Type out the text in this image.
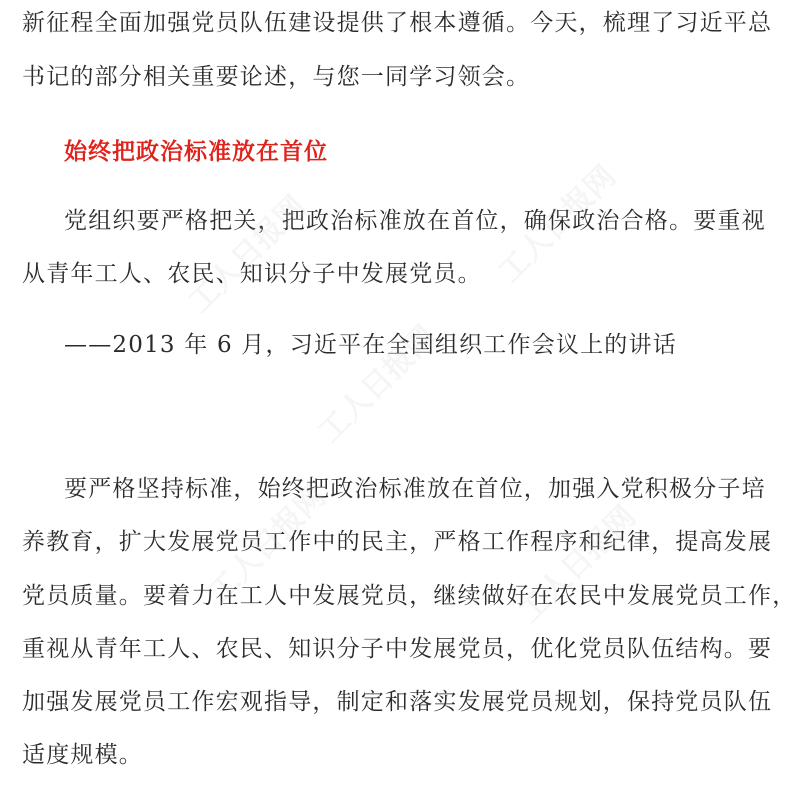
新征程全面加强党员队伍建设提供了根本遵循。今天，梳理了习近平总

书记的部分相关重要论述，与您一同学习领会。

始终把政治标准放在首位

党组织要严格把关，把政治标准放在首位，确保政治合格。要重视

从青年工人、农民、知识分子中发展党员。

——2013 年 6 月，习近平在全国组织工作会议上的讲话

要严格坚持标准，始终把政治标准放在首位，加强入党积极分子培

养教育，扩大发展党员工作中的民主，严格工作程序和纪律，提高发展

党员质量。要着力在工人中发展党员，继续做好在农民中发展党员工作，

重视从青年工人、农民、知识分子中发展党员，优化党员队伍结构。要

加强发展党员工作宏观指导，制定和落实发展党员规划，保持党员队伍

适度规模。

工人日报网	工人日报网
工人日报网
工人日报网	工人日报网
